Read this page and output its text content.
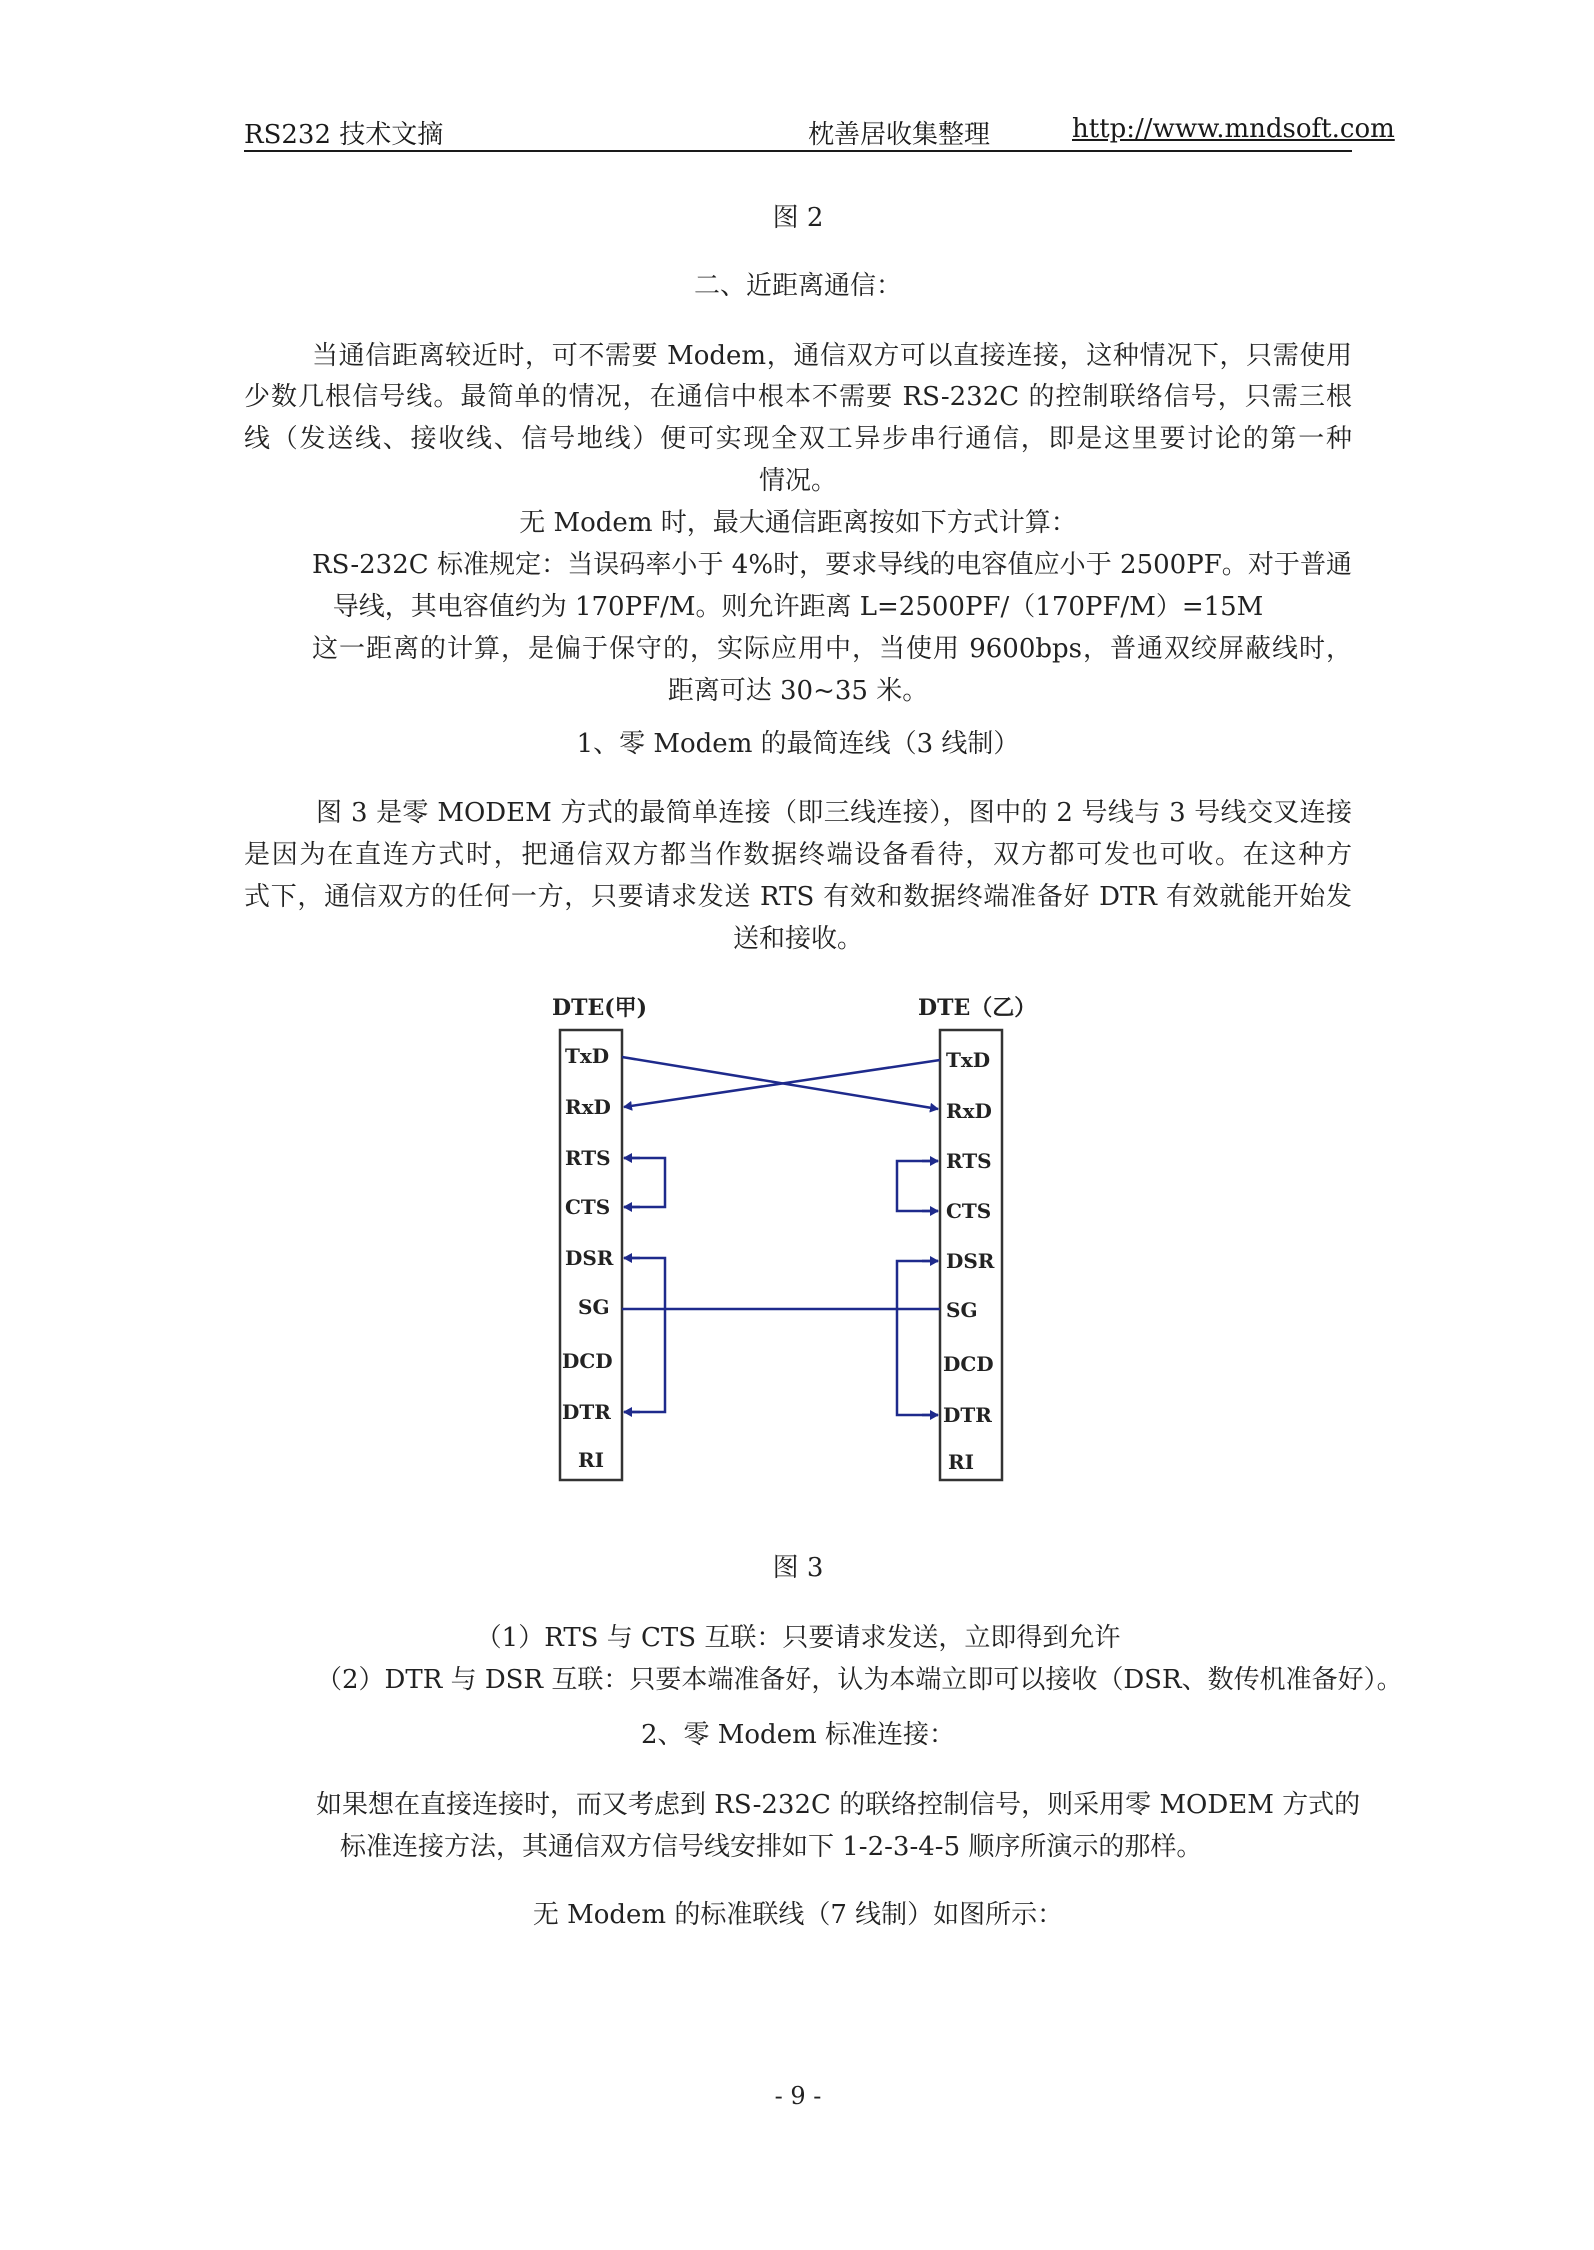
RS232 技术文摘	枕善居收集整理	http://www.mndsoft.com
图 2
二、近距离通信：
当通信距离较近时，可不需要 Modem，通信双方可以直接连接，这种情况下，只需使用
少数几根信号线。最简单的情况，在通信中根本不需要 RS-232C 的控制联络信号，只需三根
线（发送线、接收线、信号地线）便可实现全双工异步串行通信，即是这里要讨论的第一种
情况。
无 Modem 时，最大通信距离按如下方式计算：
RS-232C 标准规定：当误码率小于 4%时，要求导线的电容值应小于 2500PF。对于普通
导线，其电容值约为 170PF/M。则允许距离 L=2500PF/（170PF/M）=15M
这一距离的计算，是偏于保守的，实际应用中，当使用 9600bps，普通双绞屏蔽线时，
距离可达 30~35 米。
1、零 Modem 的最简连线（3 线制）
图 3 是零 MODEM 方式的最简单连接（即三线连接），图中的 2 号线与 3 号线交叉连接
是因为在直连方式时，把通信双方都当作数据终端设备看待，双方都可发也可收。在这种方
式下，通信双方的任何一方，只要请求发送 RTS 有效和数据终端准备好 DTR 有效就能开始发
送和接收。
DTE(甲)	DTE（乙）
TxD
RxD
RTS
CTS
DSR
SG
DCD
DTR
RI
TxD
RxD
RTS
CTS
DSR
SG
DCD
DTR
RI
图 3
（1）RTS 与 CTS 互联：只要请求发送，立即得到允许
（2）DTR 与 DSR 互联：只要本端准备好，认为本端立即可以接收（DSR、数传机准备好）。
2、零 Modem 标准连接：
如果想在直接连接时，而又考虑到 RS-232C 的联络控制信号，则采用零 MODEM 方式的
标准连接方法，其通信双方信号线安排如下 1-2-3-4-5 顺序所演示的那样。
无 Modem 的标准联线（7 线制）如图所示：
- 9 -
